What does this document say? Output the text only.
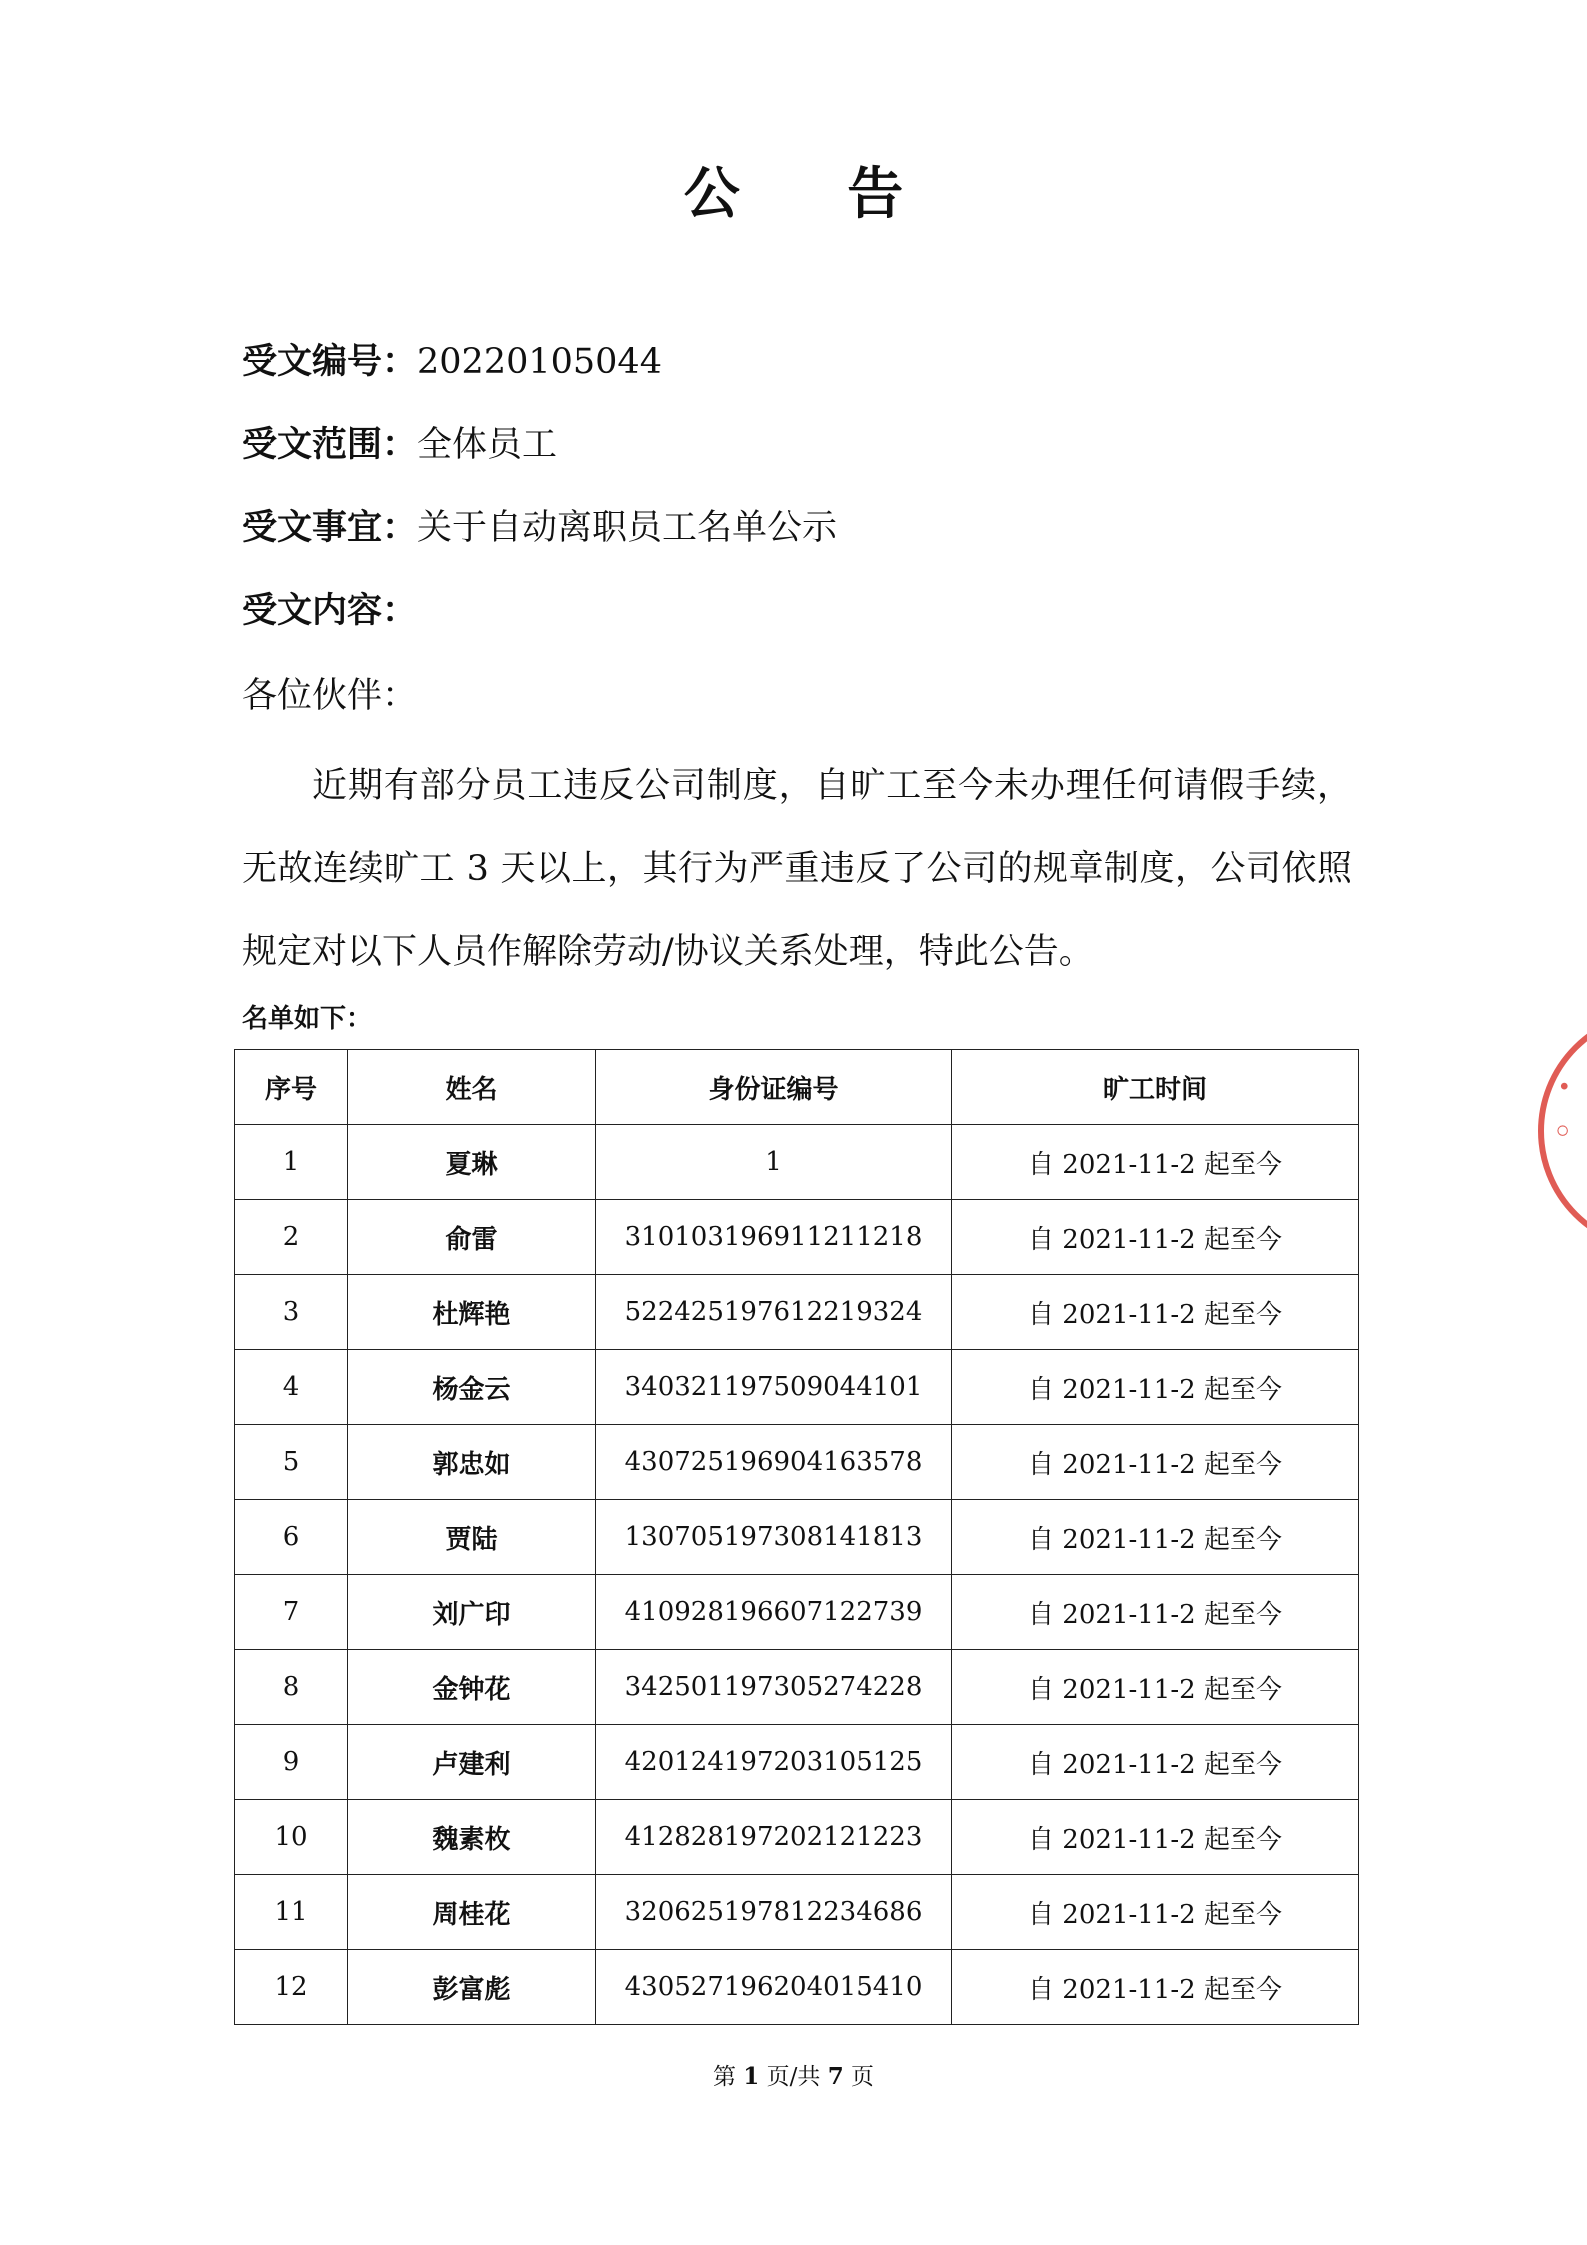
公 告
受文编号：20220105044
受文范围：全体员工
受文事宜：关于自动离职员工名单公示
受文内容：
各位伙伴：
近期有部分员工违反公司制度，自旷工至今未办理任何请假手续，无故连续旷工 3 天以上，其行为严重违反了公司的规章制度，公司依照规定对以下人员作解除劳动/协议关系处理，特此公告。
名单如下：
序号	姓名	身份证编号	旷工时间
1	夏琳	1	自 2021-11-2 起至今
2	俞雷	310103196911211218	自 2021-11-2 起至今
3	杜辉艳	522425197612219324	自 2021-11-2 起至今
4	杨金云	340321197509044101	自 2021-11-2 起至今
5	郭忠如	430725196904163578	自 2021-11-2 起至今
6	贾陆	130705197308141813	自 2021-11-2 起至今
7	刘广印	410928196607122739	自 2021-11-2 起至今
8	金钟花	342501197305274228	自 2021-11-2 起至今
9	卢建利	420124197203105125	自 2021-11-2 起至今
10	魏素枚	412828197202121223	自 2021-11-2 起至今
11	周桂花	320625197812234686	自 2021-11-2 起至今
12	彭富彪	430527196204015410	自 2021-11-2 起至今
第 1 页/共 7 页
·
◦
